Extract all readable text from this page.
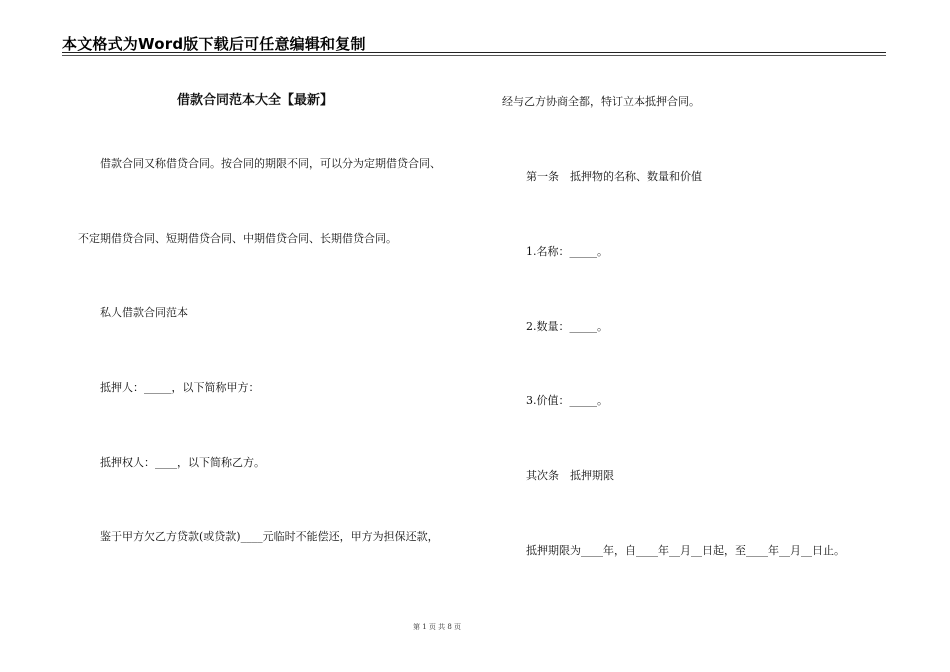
本文格式为Word版下载后可任意编辑和复制
借款合同范本大全【最新】
借款合同又称借贷合同。按合同的期限不同，可以分为定期借贷合同、
不定期借贷合同、短期借贷合同、中期借贷合同、长期借贷合同。
私人借款合同范本
抵押人：_____，以下简称甲方：
抵押权人：____，以下简称乙方。
鉴于甲方欠乙方贷款(或贷款)____元临时不能偿还，甲方为担保还款，
经与乙方协商全都，特订立本抵押合同。
第一条　抵押物的名称、数量和价值
1.名称：_____。
2.数量：_____。
3.价值：_____。
其次条　抵押期限
抵押期限为____年，自____年__月__日起，至____年__月__日止。
第 1 页 共 8 页
